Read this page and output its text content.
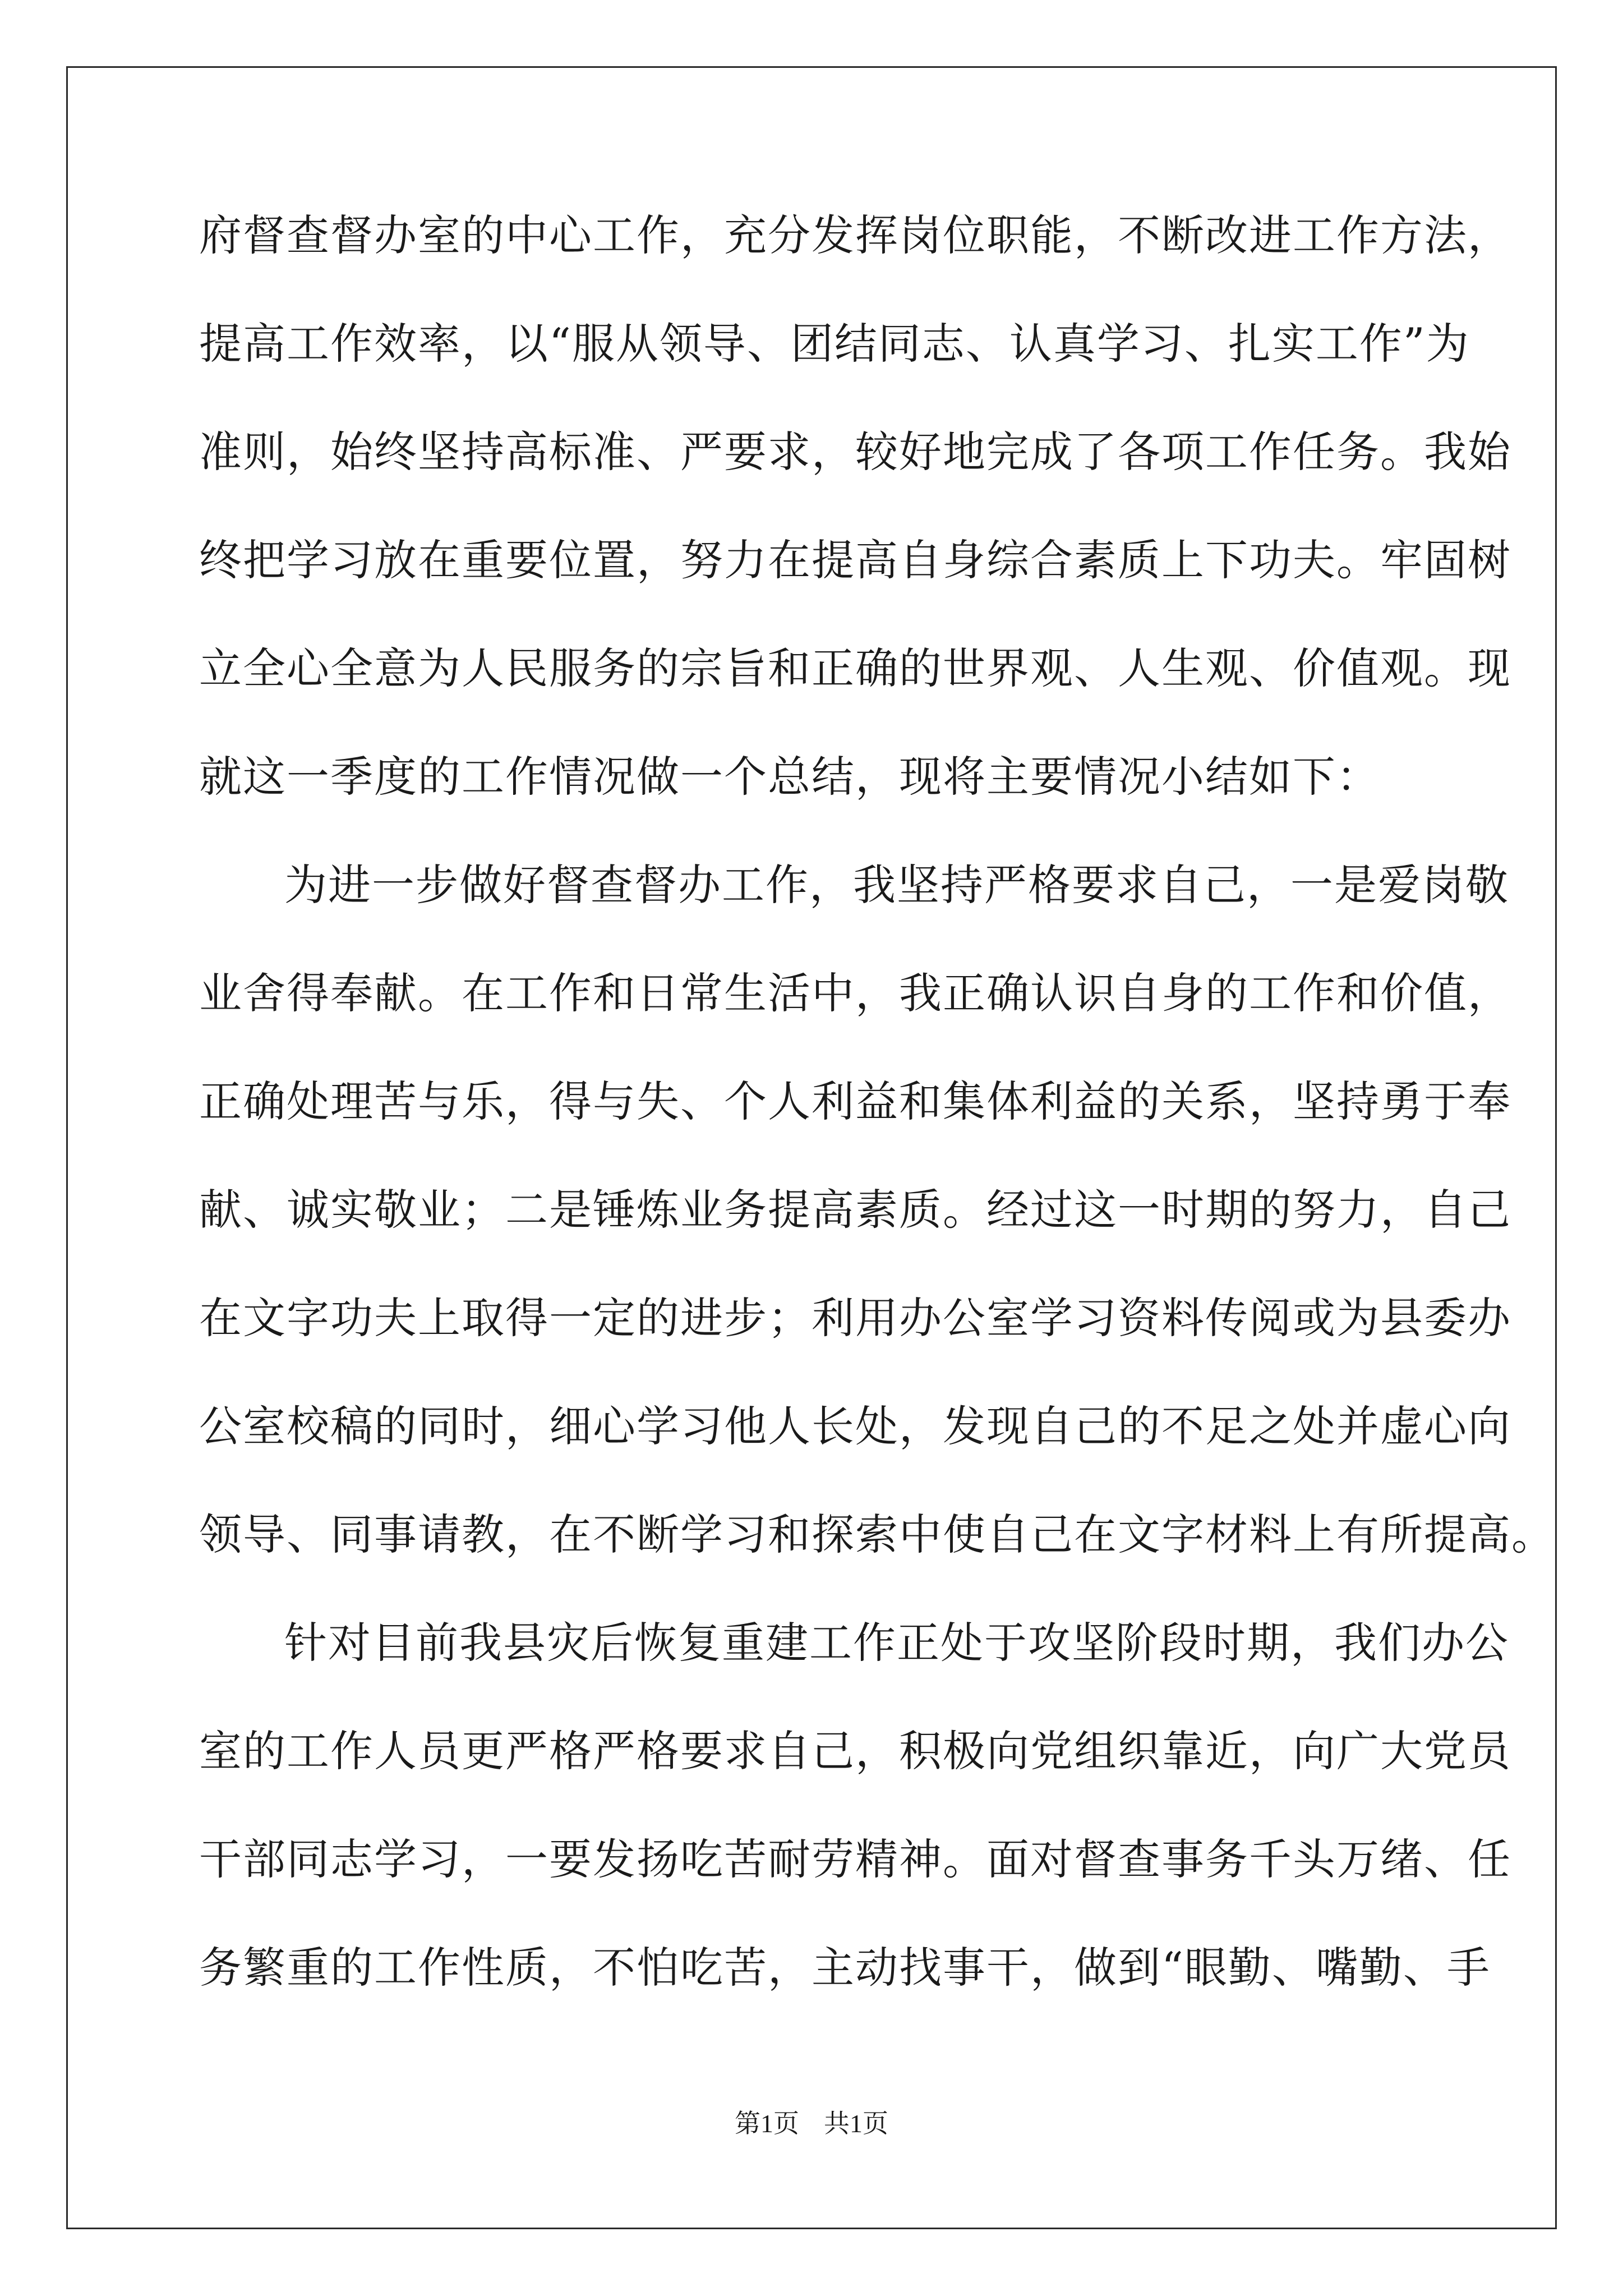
府督查督办室的中心工作，充分发挥岗位职能，不断改进工作方法，
提高工作效率，以“服从领导、团结同志、认真学习、扎实工作”为
准则，始终坚持高标准、严要求，较好地完成了各项工作任务。我始
终把学习放在重要位置，努力在提高自身综合素质上下功夫。牢固树
立全心全意为人民服务的宗旨和正确的世界观、人生观、价值观。现
就这一季度的工作情况做一个总结，现将主要情况小结如下：
为进一步做好督查督办工作，我坚持严格要求自己，一是爱岗敬
业舍得奉献。在工作和日常生活中，我正确认识自身的工作和价值，
正确处理苦与乐，得与失、个人利益和集体利益的关系，坚持勇于奉
献、诚实敬业；二是锤炼业务提高素质。经过这一时期的努力，自己
在文字功夫上取得一定的进步；利用办公室学习资料传阅或为县委办
公室校稿的同时，细心学习他人长处，发现自己的不足之处并虚心向
领导、同事请教，在不断学习和探索中使自己在文字材料上有所提高。
针对目前我县灾后恢复重建工作正处于攻坚阶段时期，我们办公
室的工作人员更严格严格要求自己，积极向党组织靠近，向广大党员
干部同志学习，一要发扬吃苦耐劳精神。面对督查事务千头万绪、任
务繁重的工作性质，不怕吃苦，主动找事干，做到“眼勤、嘴勤、手
第1页 共1页
